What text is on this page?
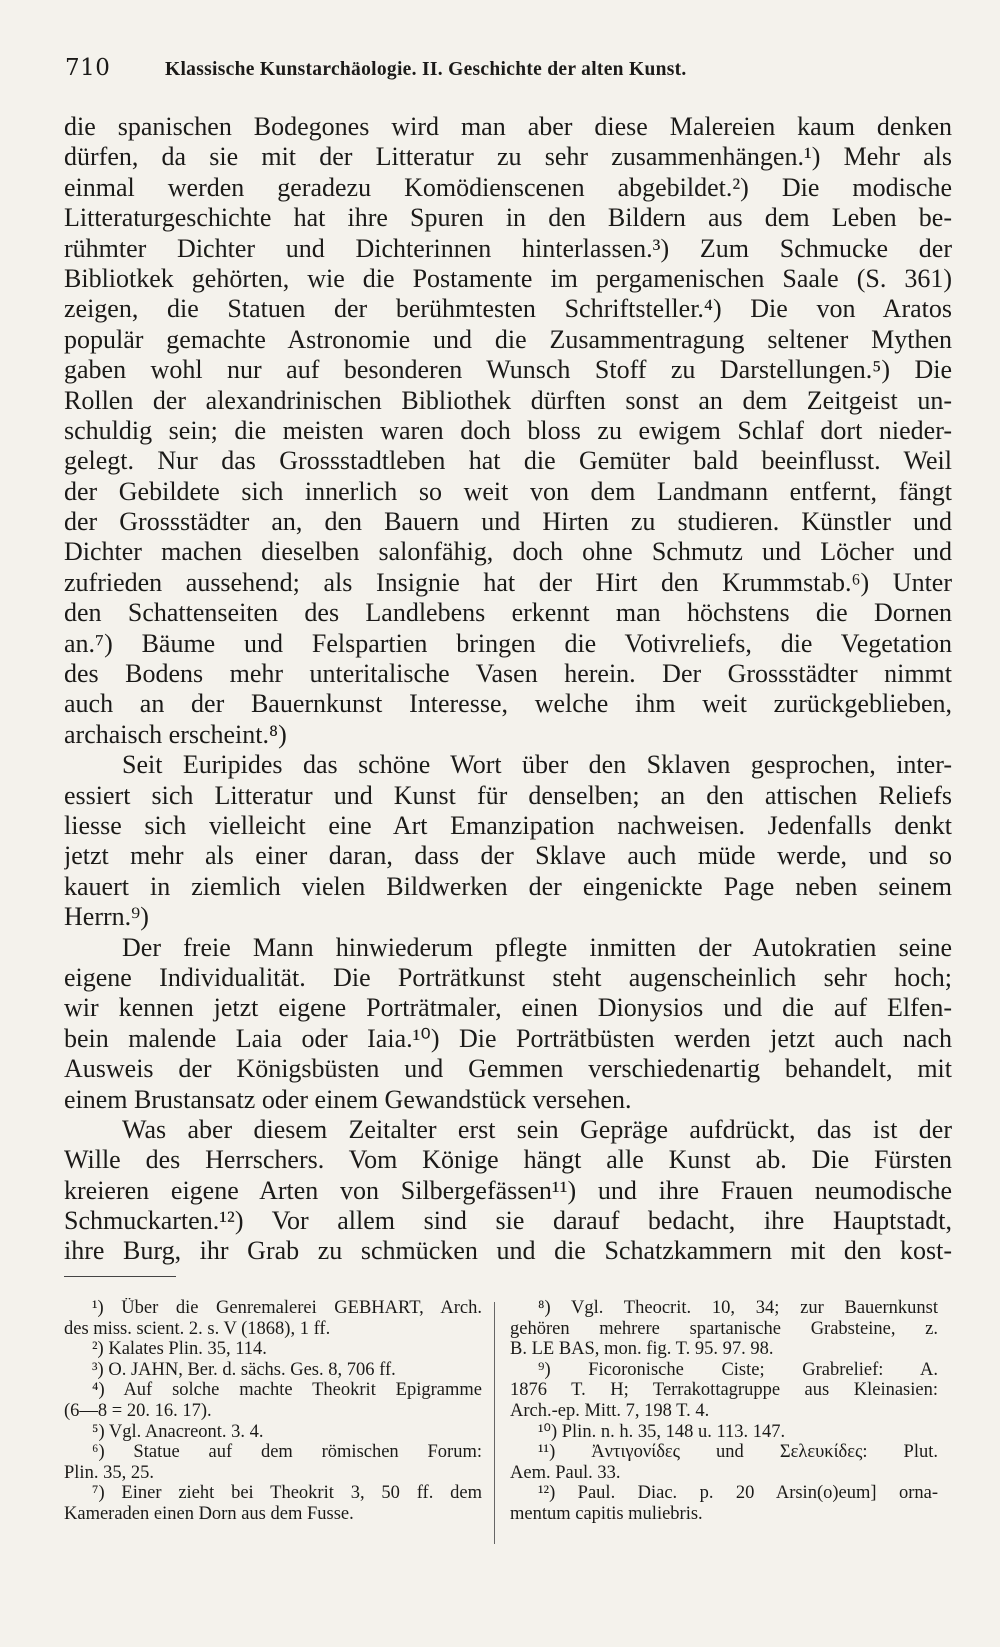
710	Klassische Kunstarchäologie. II. Geschichte der alten Kunst.
die spanischen Bodegones wird man aber diese Malereien kaum denken
dürfen, da sie mit der Litteratur zu sehr zusammenhängen.¹) Mehr als
einmal werden geradezu Komödienscenen abgebildet.²) Die modische
Litteraturgeschichte hat ihre Spuren in den Bildern aus dem Leben be-
rühmter Dichter und Dichterinnen hinterlassen.³) Zum Schmucke der
Bibliotkek gehörten, wie die Postamente im pergamenischen Saale (S. 361)
zeigen, die Statuen der berühmtesten Schriftsteller.⁴) Die von Aratos
populär gemachte Astronomie und die Zusammentragung seltener Mythen
gaben wohl nur auf besonderen Wunsch Stoff zu Darstellungen.⁵) Die
Rollen der alexandrinischen Bibliothek dürften sonst an dem Zeitgeist un-
schuldig sein; die meisten waren doch bloss zu ewigem Schlaf dort nieder-
gelegt. Nur das Grossstadtleben hat die Gemüter bald beeinflusst. Weil
der Gebildete sich innerlich so weit von dem Landmann entfernt, fängt
der Grossstädter an, den Bauern und Hirten zu studieren. Künstler und
Dichter machen dieselben salonfähig, doch ohne Schmutz und Löcher und
zufrieden aussehend; als Insignie hat der Hirt den Krummstab.⁶) Unter
den Schattenseiten des Landlebens erkennt man höchstens die Dornen
an.⁷) Bäume und Felspartien bringen die Votivreliefs, die Vegetation
des Bodens mehr unteritalische Vasen herein. Der Grossstädter nimmt
auch an der Bauernkunst Interesse, welche ihm weit zurückgeblieben,
archaisch erscheint.⁸)
Seit Euripides das schöne Wort über den Sklaven gesprochen, inter-
essiert sich Litteratur und Kunst für denselben; an den attischen Reliefs
liesse sich vielleicht eine Art Emanzipation nachweisen. Jedenfalls denkt
jetzt mehr als einer daran, dass der Sklave auch müde werde, und so
kauert in ziemlich vielen Bildwerken der eingenickte Page neben seinem
Herrn.⁹)
Der freie Mann hinwiederum pflegte inmitten der Autokratien seine
eigene Individualität. Die Porträtkunst steht augenscheinlich sehr hoch;
wir kennen jetzt eigene Porträtmaler, einen Dionysios und die auf Elfen-
bein malende Laia oder Iaia.¹⁰) Die Porträtbüsten werden jetzt auch nach
Ausweis der Königsbüsten und Gemmen verschiedenartig behandelt, mit
einem Brustansatz oder einem Gewandstück versehen.
Was aber diesem Zeitalter erst sein Gepräge aufdrückt, das ist der
Wille des Herrschers. Vom Könige hängt alle Kunst ab. Die Fürsten
kreieren eigene Arten von Silbergefässen¹¹) und ihre Frauen neumodische
Schmuckarten.¹²) Vor allem sind sie darauf bedacht, ihre Hauptstadt,
ihre Burg, ihr Grab zu schmücken und die Schatzkammern mit den kost-
¹) Über die Genremalerei GEBHART, Arch.
des miss. scient. 2. s. V (1868), 1 ff.
²) Kalates Plin. 35, 114.
³) O. JAHN, Ber. d. sächs. Ges. 8, 706 ff.
⁴) Auf solche machte Theokrit Epigramme
(6—8 = 20. 16. 17).
⁵) Vgl. Anacreont. 3. 4.
⁶) Statue auf dem römischen Forum:
Plin. 35, 25.
⁷) Einer zieht bei Theokrit 3, 50 ff. dem
Kameraden einen Dorn aus dem Fusse.
⁸) Vgl. Theocrit. 10, 34; zur Bauernkunst
gehören mehrere spartanische Grabsteine, z.
B. LE BAS, mon. fig. T. 95. 97. 98.
⁹) Ficoronische Ciste; Grabrelief: A.
1876 T. H; Terrakottagruppe aus Kleinasien:
Arch.-ep. Mitt. 7, 198 T. 4.
¹⁰) Plin. n. h. 35, 148 u. 113. 147.
¹¹) Ἀντιγονίδες und Σελευκίδες: Plut.
Aem. Paul. 33.
¹²) Paul. Diac. p. 20 Arsin(o)eum] orna-
mentum capitis muliebris.
